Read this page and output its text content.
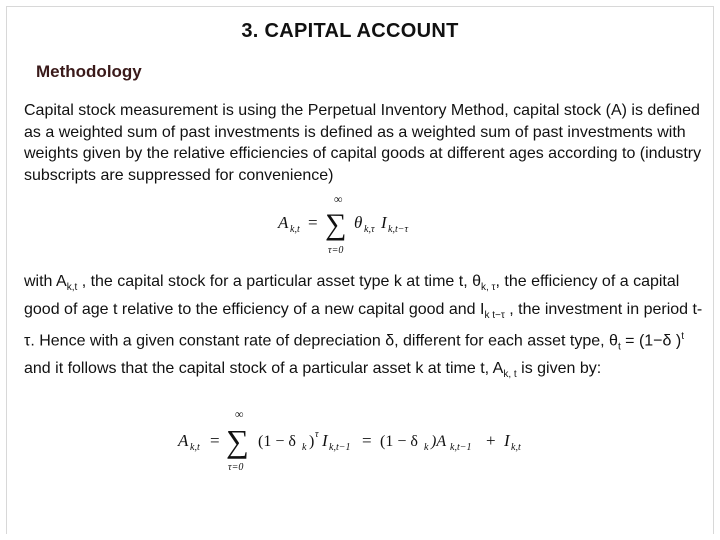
3. CAPITAL ACCOUNT
Methodology
Capital stock measurement is using the Perpetual Inventory Method, capital stock (A) is defined as a weighted sum of past investments is defined as a weighted sum of past investments with weights given by the relative efficiencies of capital goods at different ages according to (industry subscripts are suppressed for convenience)
A k,t =
∞
∑
τ=0
θ k,τ I k,t−τ
with $A_{k,t}$ , the capital stock for a particular asset type k at time t, $\theta_{k, \tau}$, the efficiency of a capital good of age t relative to the efficiency of a new capital good and $I_{k t-\tau}$ , the investment in period t-τ. Hence with a given constant rate of depreciation δ, different for each asset type, $\theta_t = (1-\delta$ )$^t$ and it follows that the capital stock of a particular asset k at time t, $A_{k, t}$ is given by:
A k,t =
∞
∑
τ=0
(1 − δ k ) τ I k,t−1 = (1 − δ k )A k,t−1 + I k,t
